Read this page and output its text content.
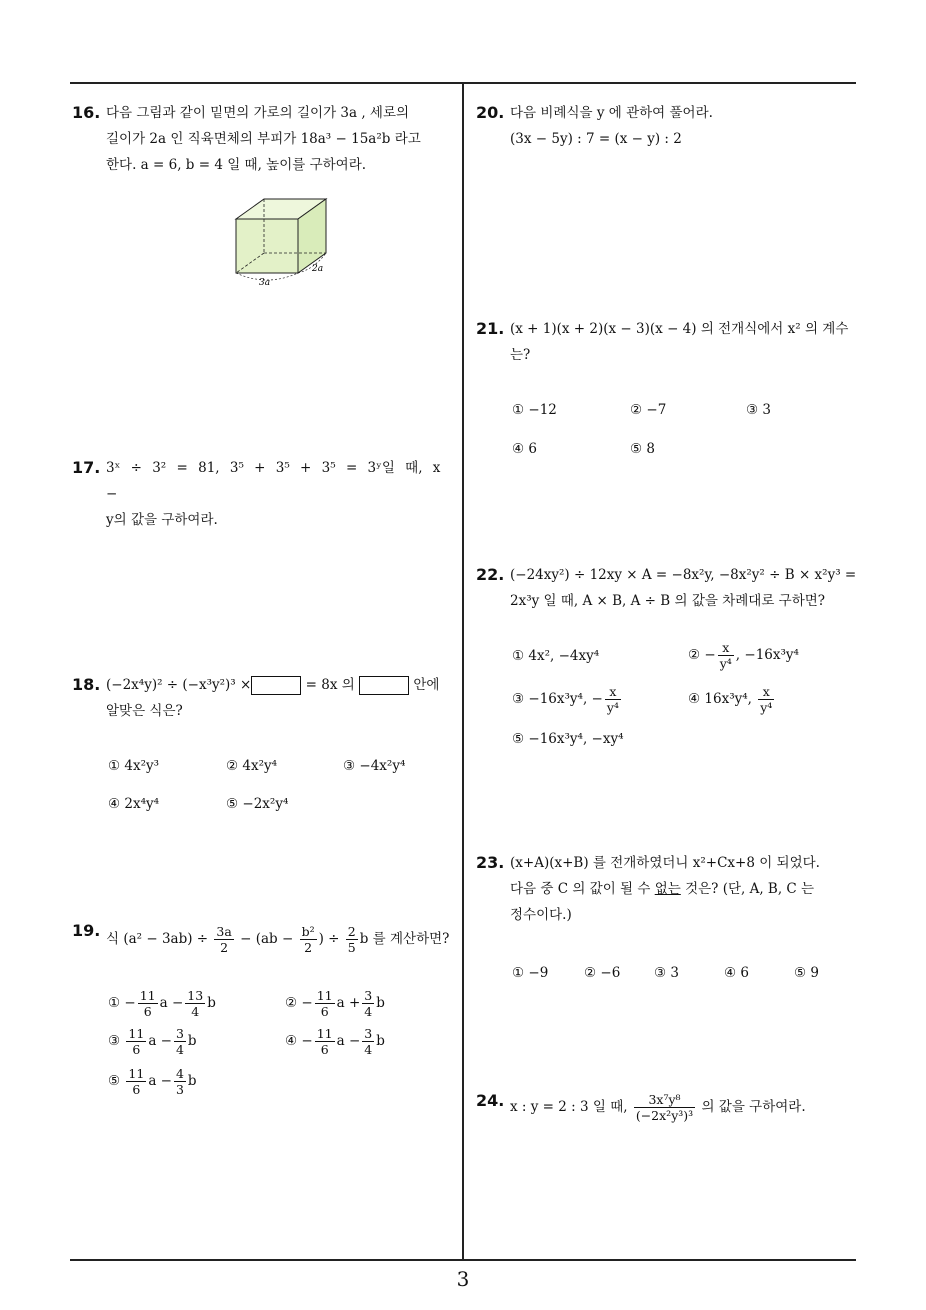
16. 다음 그림과 같이 밑면의 가로의 길이가 3a , 세로의
길이가 2a 인 직육면체의 부피가 18a³ − 15a²b 라고
한다. a = 6, b = 4 일 때, 높이를 구하여라.
3a
2a
17. 3ˣ ÷ 3² = 81, 3⁵ + 3⁵ + 3⁵ = 3ʸ일 때, x −
y의 값을 구하여라.
18. (−2x⁴y)² ÷ (−x³y²)³ ×	= 8x 의	안에
알맞은 식은?
① 4x²y³	② 4x²y⁴	③ −4x²y⁴
④ 2x⁴y⁴	⑤ −2x²y⁴
19. 식 $(a^2 - 3ab) \div \frac{3a}{2} - (ab - \frac{\text{b²}}{2}$ ) ÷ $\frac{2}{5}$ b 를 계산하면?
① − $\frac{11}{6}$ $a - \frac{13}{4}$ b	② − $\frac{11}{6}$ $a + \frac{3}{4}$ b
③ $\frac{11}{6}$ $a - \frac{3}{4}$ b	④ − $\frac{11}{6}$ $a - \frac{3}{4}$ b
⑤ $\frac{11}{6}$ $a - \frac{4}{3}$ b
20. 다음 비례식을 y 에 관하여 풀어라.
(3x − 5y) : 7 = (x − y) : 2
21. (x + 1)(x + 2)(x − 3)(x − 4) 의 전개식에서 x² 의 계수
는?
① −12	② −7	③ 3
④ 6	⑤ 8
22. (−24xy²) ÷ 12xy × A = −8x²y, −8x²y² ÷ B × x²y³ =
2x³y 일 때, A × B, A ÷ B 의 값을 차례대로 구하면?
① 4x², −4xy⁴	② − $\frac{x}{\text{y⁴}}$ , −16x³y⁴
③ −16x³y⁴, − $\frac{x}{\text{y⁴}}$	④ 16x³y⁴, $\frac{x}{\text{y⁴}}$
⑤ −16x³y⁴, −xy⁴
23. (x+A)(x+B) 를 전개하였더니 x²+Cx+8 이 되었다.
다음 중 C 의 값이 될 수 없는 것은? (단, A, B, C 는
정수이다.)
① −9	② −6 ③ 3	④ 6	⑤ 9
24. x : y = 2 : 3 일 때, $\frac{\text{3x⁷y⁸}}{\text{(−2x²y³)³}}$ 의 값을 구하여라.
3
